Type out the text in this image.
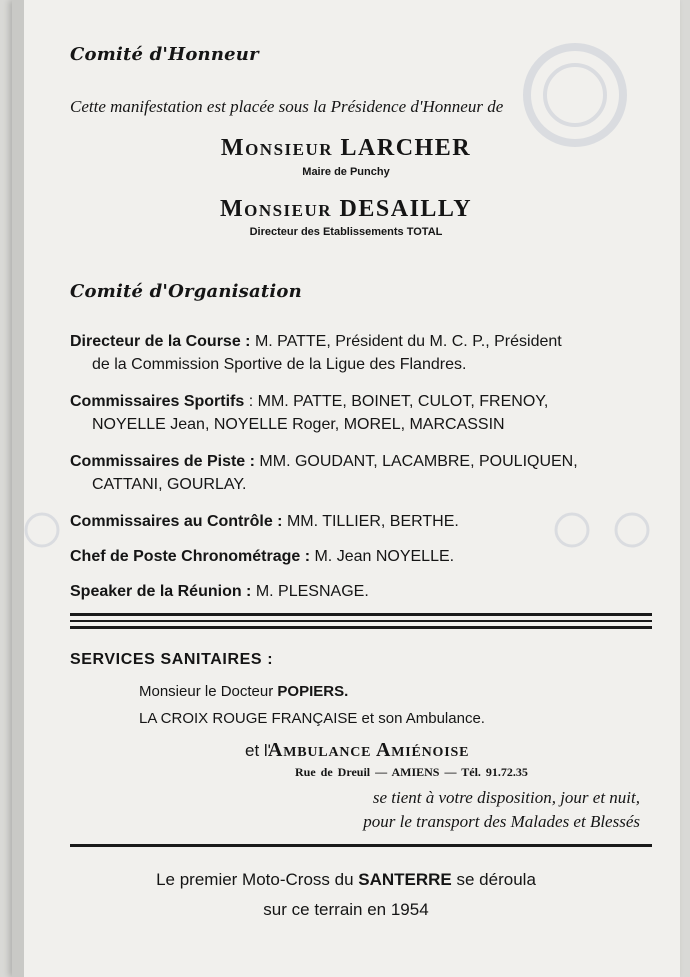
Comité d'Honneur
Cette manifestation est placée sous la Présidence d'Honneur de
Monsieur LARCHER
Maire de Punchy
Monsieur DESAILLY
Directeur des Etablissements TOTAL
Comité d'Organisation
Directeur de la Course : M. PATTE, Président du M. C. P., Président
de la Commission Sportive de la Ligue des Flandres.
Commissaires Sportifs : MM. PATTE, BOINET, CULOT, FRENOY,
NOYELLE Jean, NOYELLE Roger, MOREL, MARCASSIN
Commissaires de Piste : MM. GOUDANT, LACAMBRE, POULIQUEN,
CATTANI, GOURLAY.
Commissaires au Contrôle : MM. TILLIER, BERTHE.
Chef de Poste Chronométrage : M. Jean NOYELLE.
Speaker de la Réunion : M. PLESNAGE.
SERVICES SANITAIRES :
Monsieur le Docteur POPIERS.
LA CROIX ROUGE FRANÇAISE et son Ambulance.
et l'
Ambulance Amiénoise
Rue de Dreuil — AMIENS — Tél. 91.72.35
se tient à votre disposition, jour et nuit,
pour le transport des Malades et Blessés
Le premier Moto-Cross du SANTERRE se déroula
sur ce terrain en 1954
